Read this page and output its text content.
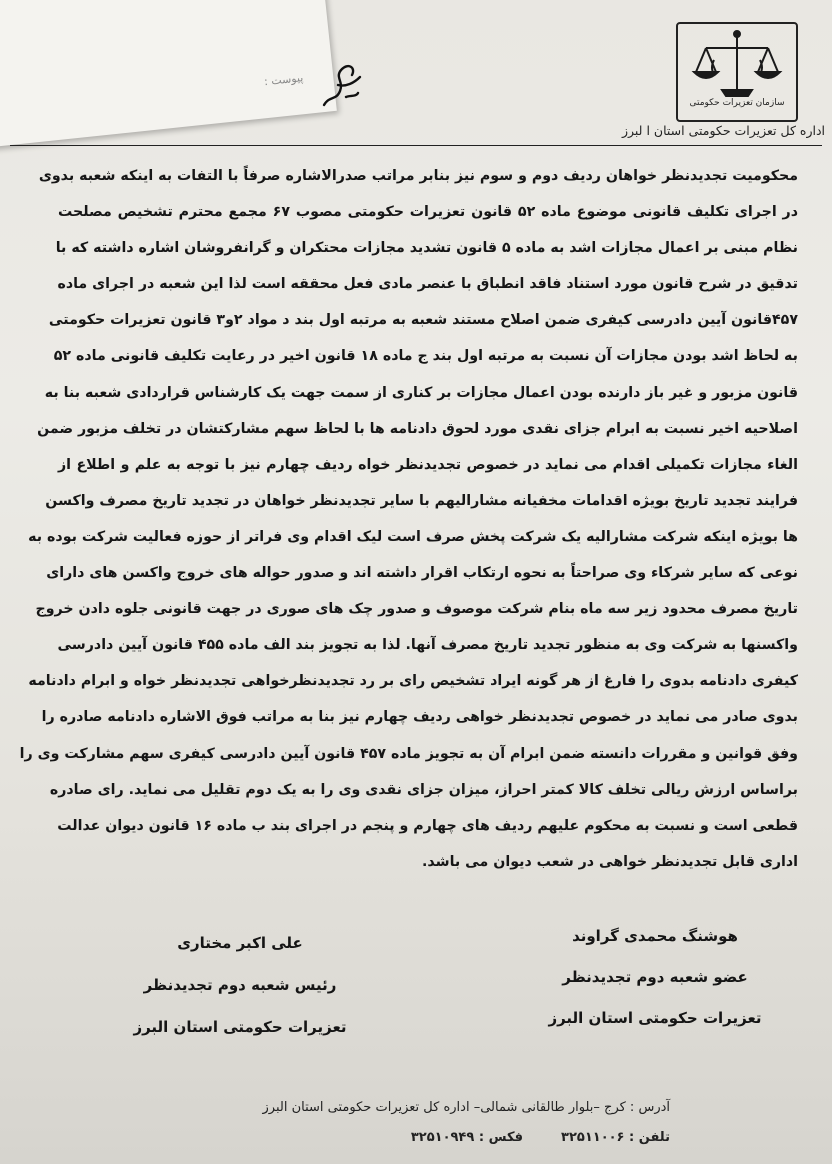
پیوست :
سازمان تعزیرات حکومتی
اداره کل تعزیرات حکومتی استان ا لبرز
محکومیت تجدیدنظر خواهان ردیف دوم و سوم نیز بنابر مراتب صدرالاشاره صرفاً با التفات به اینکه شعبه بدوی
در اجرای تکلیف قانونی موضوع ماده ۵۲ قانون تعزیرات حکومتی مصوب ۶۷ مجمع محترم تشخیص مصلحت
نظام مبنی بر اعمال مجازات اشد به ماده ۵ قانون تشدید مجازات محتکران و گرانفروشان اشاره داشته که با
تدقیق در شرح قانون مورد استناد فاقد انطباق با عنصر مادی فعل محققه است لذا این شعبه در اجرای ماده
۴۵۷قانون آیین دادرسی کیفری ضمن اصلاح مستند شعبه به مرتبه اول بند د مواد ۲و۳ قانون تعزیرات حکومتی
به لحاظ اشد بودن مجازات آن نسبت به مرتبه اول بند ج ماده ۱۸ قانون اخیر در رعایت تکلیف قانونی ماده ۵۲
قانون مزبور و غیر باز دارنده بودن اعمال مجازات بر کناری از سمت جهت یک کارشناس قراردادی شعبه بنا به
اصلاحیه اخیر نسبت به ابرام جزای نقدی مورد لحوق دادنامه ها با لحاظ سهم مشارکتشان در تخلف مزبور ضمن
الغاء مجازات تکمیلی اقدام می نماید در خصوص تجدیدنظر خواه ردیف چهارم نیز با توجه به علم و اطلاع از
فرایند تجدید تاریخ بویژه اقدامات مخفیانه مشارالیهم با سایر تجدیدنظر خواهان در تجدید تاریخ مصرف واکسن
ها بویژه اینکه شرکت مشارالیه یک شرکت پخش صرف است لیک اقدام وی فراتر از حوزه فعالیت شرکت بوده به
نوعی که سایر شرکاء وی صراحتاً به نحوه ارتکاب اقرار داشته اند و صدور حواله های خروج واکسن های دارای
تاریخ مصرف محدود زیر سه ماه بنام شرکت موصوف و صدور چک های صوری در جهت قانونی جلوه دادن خروج
واکسنها به شرکت وی به منظور تجدید تاریخ مصرف آنها. لذا به تجویز بند الف ماده ۴۵۵ قانون آیین دادرسی
کیفری دادنامه بدوی را فارغ از هر گونه ایراد تشخیص رای بر رد تجدیدنظرخواهی تجدیدنظر خواه و ابرام دادنامه
بدوی صادر می نماید در خصوص تجدیدنظر خواهی ردیف چهارم نیز بنا به مراتب فوق الاشاره دادنامه صادره را
وفق قوانین و مقررات دانسته ضمن ابرام آن به تجویز ماده ۴۵۷ قانون آیین دادرسی کیفری سهم مشارکت وی را
براساس ارزش ریالی تخلف کالا کمتر احراز، میزان جزای نقدی وی را به یک دوم تقلیل می نماید. رای صادره
قطعی است و نسبت به محکوم علیهم ردیف های چهارم و پنجم در اجرای بند ب ماده ۱۶ قانون دیوان عدالت
اداری قابل تجدیدنظر خواهی در شعب دیوان می باشد.
هوشنگ محمدی گراوند
عضو شعبه دوم تجدیدنظر
تعزیرات حکومتی استان البرز
علی اکبر مختاری
رئیس شعبه دوم تجدیدنظر
تعزیرات حکومتی استان البرز
آدرس : کرج –بلوار طالقانی شمالی– اداره کل تعزیرات حکومتی استان البرز
تلفن : ۳۲۵۱۱۰۰۶فکس : ۳۲۵۱۰۹۴۹
